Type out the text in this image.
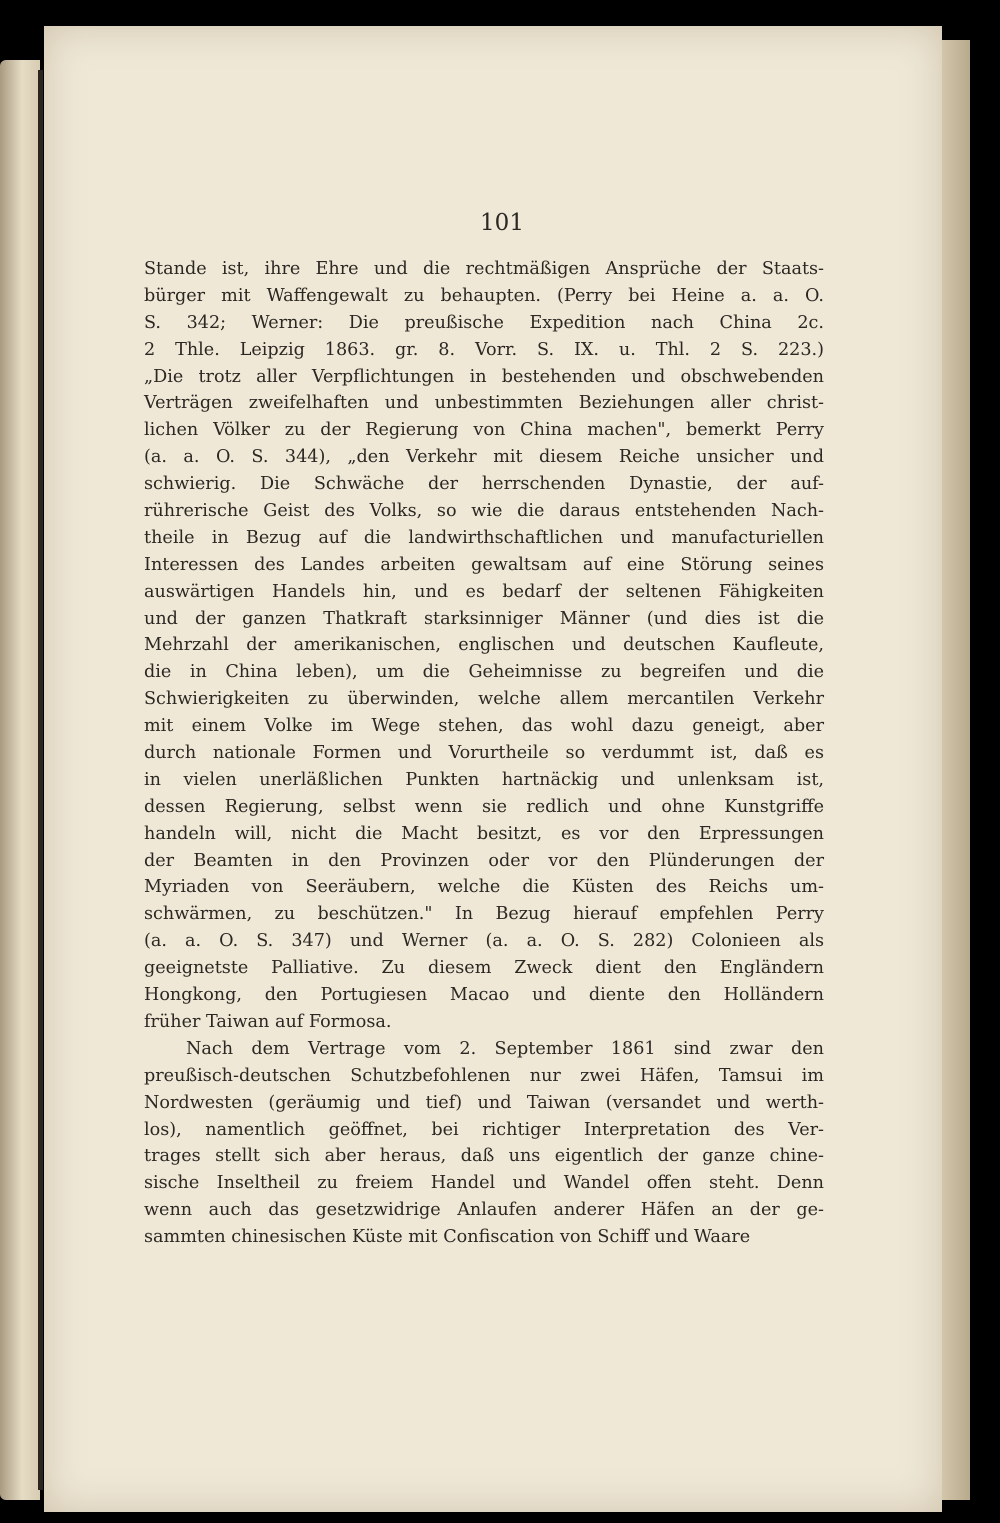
101
Stande ist, ihre Ehre und die rechtmäßigen Ansprüche der Staats-
bürger mit Waffengewalt zu behaupten. (Perry bei Heine a. a. O.
S. 342; Werner: Die preußische Expedition nach China 2c.
2 Thle. Leipzig 1863. gr. 8. Vorr. S. IX. u. Thl. 2 S. 223.)
„Die trotz aller Verpflichtungen in bestehenden und obschwebenden
Verträgen zweifelhaften und unbestimmten Beziehungen aller christ-
lichen Völker zu der Regierung von China machen", bemerkt Perry
(a. a. O. S. 344), „den Verkehr mit diesem Reiche unsicher und
schwierig. Die Schwäche der herrschenden Dynastie, der auf-
rührerische Geist des Volks, so wie die daraus entstehenden Nach-
theile in Bezug auf die landwirthschaftlichen und manufacturiellen
Interessen des Landes arbeiten gewaltsam auf eine Störung seines
auswärtigen Handels hin, und es bedarf der seltenen Fähigkeiten
und der ganzen Thatkraft starksinniger Männer (und dies ist die
Mehrzahl der amerikanischen, englischen und deutschen Kaufleute,
die in China leben), um die Geheimnisse zu begreifen und die
Schwierigkeiten zu überwinden, welche allem mercantilen Verkehr
mit einem Volke im Wege stehen, das wohl dazu geneigt, aber
durch nationale Formen und Vorurtheile so verdummt ist, daß es
in vielen unerläßlichen Punkten hartnäckig und unlenksam ist,
dessen Regierung, selbst wenn sie redlich und ohne Kunstgriffe
handeln will, nicht die Macht besitzt, es vor den Erpressungen
der Beamten in den Provinzen oder vor den Plünderungen der
Myriaden von Seeräubern, welche die Küsten des Reichs um-
schwärmen, zu beschützen." In Bezug hierauf empfehlen Perry
(a. a. O. S. 347) und Werner (a. a. O. S. 282) Colonieen als
geeignetste Palliative. Zu diesem Zweck dient den Engländern
Hongkong, den Portugiesen Macao und diente den Holländern
früher Taiwan auf Formosa.
Nach dem Vertrage vom 2. September 1861 sind zwar den
preußisch-deutschen Schutzbefohlenen nur zwei Häfen, Tamsui im
Nordwesten (geräumig und tief) und Taiwan (versandet und werth-
los), namentlich geöffnet, bei richtiger Interpretation des Ver-
trages stellt sich aber heraus, daß uns eigentlich der ganze chine-
sische Inseltheil zu freiem Handel und Wandel offen steht. Denn
wenn auch das gesetzwidrige Anlaufen anderer Häfen an der ge-
sammten chinesischen Küste mit Confiscation von Schiff und Waare
